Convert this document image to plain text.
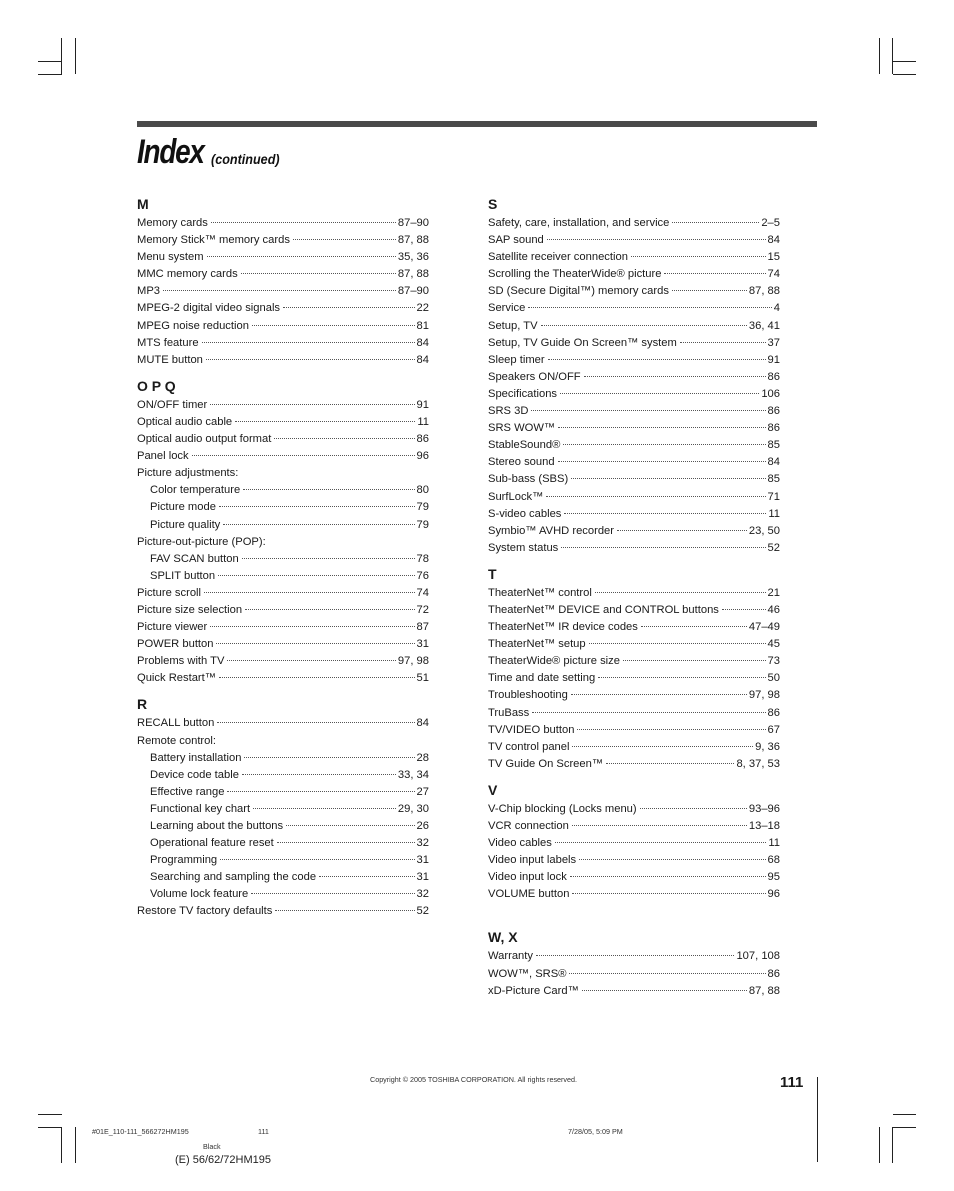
Index (continued)
M
Memory cards	87–90
Memory Stick™ memory cards	87, 88
Menu system	35, 36
MMC memory cards	87, 88
MP3	87–90
MPEG-2 digital video signals	22
MPEG noise reduction	81
MTS feature	84
MUTE button	84
O P Q
ON/OFF timer	91
Optical audio cable	11
Optical audio output format	86
Panel lock	96
Picture adjustments:
Color temperature	80
Picture mode	79
Picture quality	79
Picture-out-picture (POP):
FAV SCAN button	78
SPLIT button	76
Picture scroll	74
Picture size selection	72
Picture viewer	87
POWER button	31
Problems with TV	97, 98
Quick Restart™	51
R
RECALL button	84
Remote control:
Battery installation	28
Device code table	33, 34
Effective range	27
Functional key chart	29, 30
Learning about the buttons	26
Operational feature reset	32
Programming	31
Searching and sampling the code	31
Volume lock feature	32
Restore TV factory defaults	52
S
Safety, care, installation, and service	2–5
SAP sound	84
Satellite receiver connection	15
Scrolling the TheaterWide® picture	74
SD (Secure Digital™) memory cards	87, 88
Service	4
Setup, TV	36, 41
Setup, TV Guide On Screen™ system	37
Sleep timer	91
Speakers ON/OFF	86
Specifications	106
SRS 3D	86
SRS WOW™	86
StableSound®	85
Stereo sound	84
Sub-bass (SBS)	85
SurfLock™	71
S-video cables	11
Symbio™ AVHD recorder	23, 50
System status	52
T
TheaterNet™ control	21
TheaterNet™ DEVICE and CONTROL buttons	46
TheaterNet™ IR device codes	47–49
TheaterNet™ setup	45
TheaterWide® picture size	73
Time and date setting	50
Troubleshooting	97, 98
TruBass	86
TV/VIDEO button	67
TV control panel	9, 36
TV Guide On Screen™	8, 37, 53
V
V-Chip blocking (Locks menu)	93–96
VCR connection	13–18
Video cables	11
Video input labels	68
Video input lock	95
VOLUME button	96
W, X
Warranty	107, 108
WOW™, SRS®	86
xD-Picture Card™	87, 88
Copyright © 2005 TOSHIBA CORPORATION. All rights reserved.	111
#01E_110-111_566272HM195	111	7/28/05, 5:09 PM
Black
(E) 56/62/72HM195
